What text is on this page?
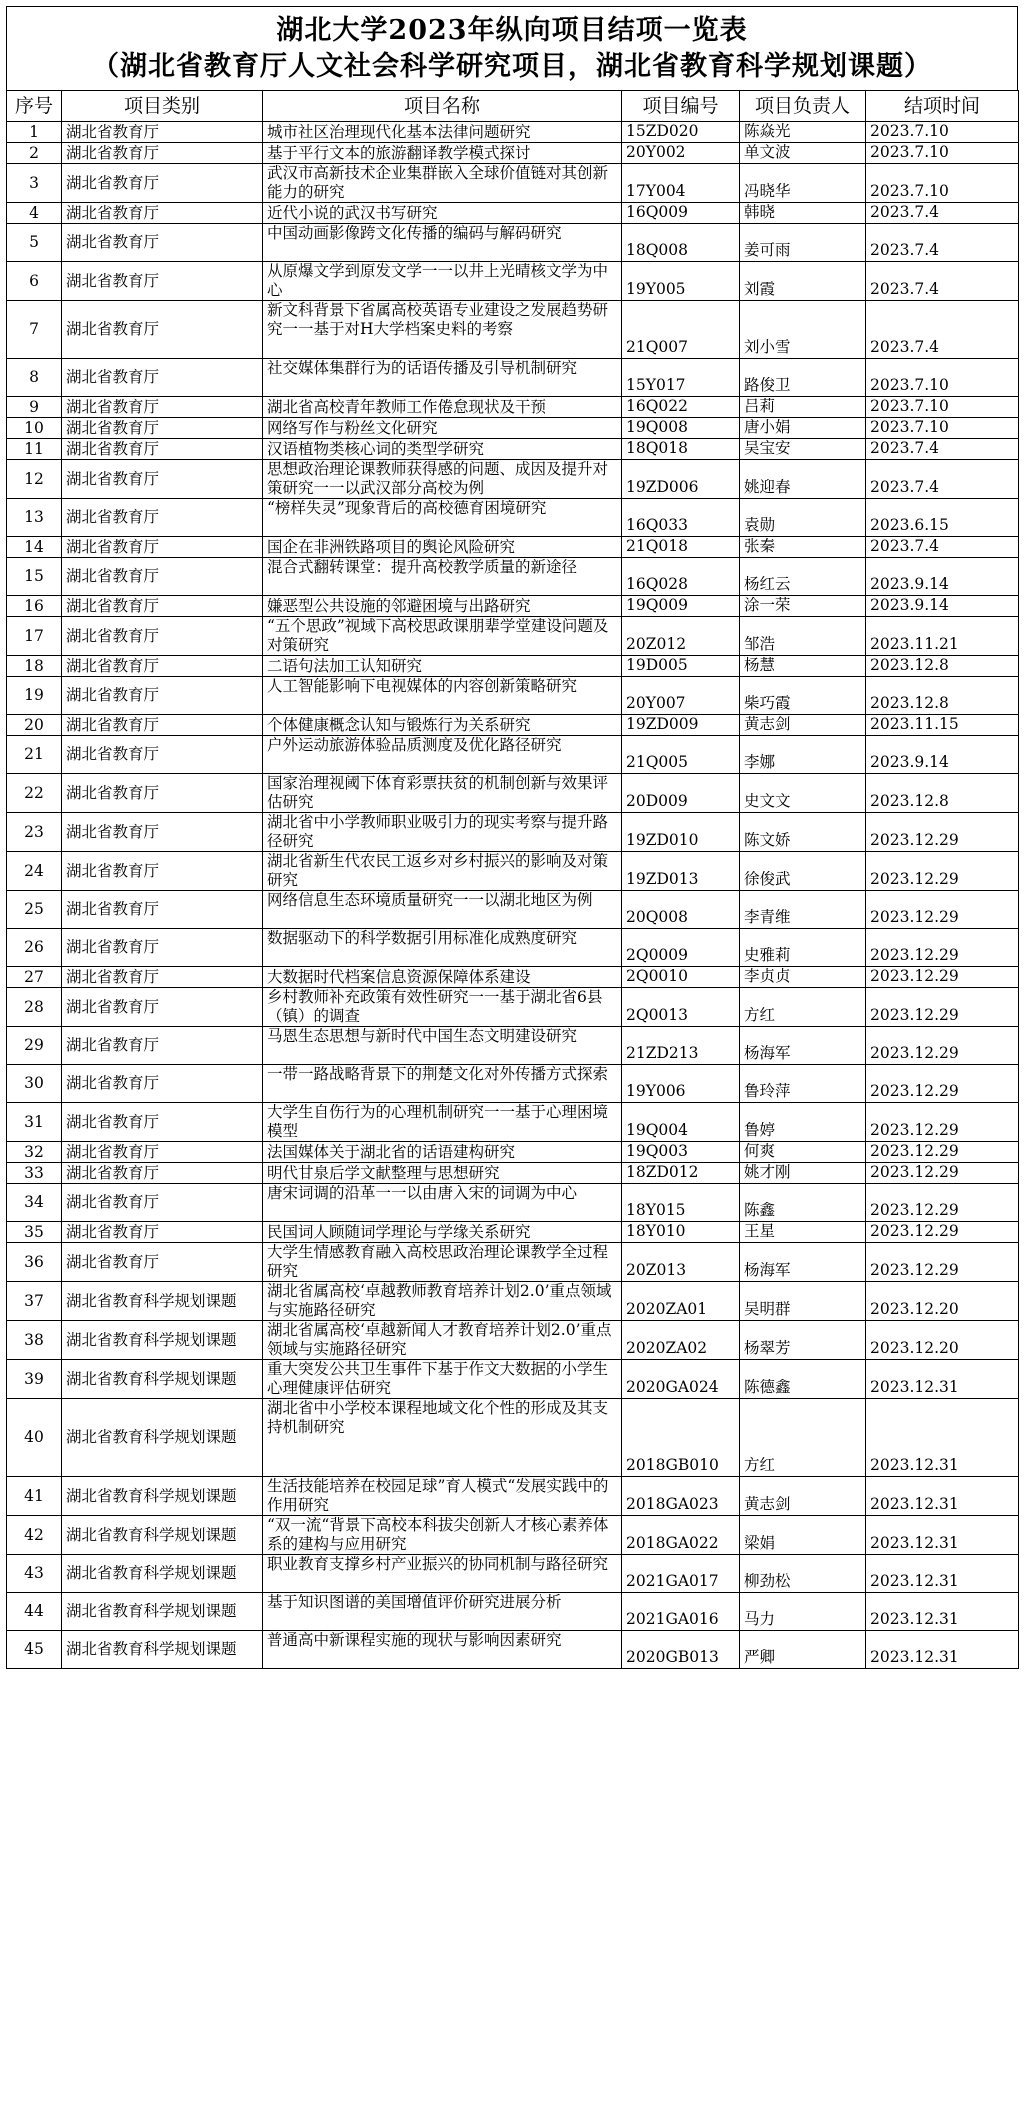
湖北大学2023年纵向项目结项一览表
（湖北省教育厅人文社会科学研究项目，湖北省教育科学规划课题）
序号	项目类别	项目名称	项目编号	项目负责人	结项时间
1	湖北省教育厅	城市社区治理现代化基本法律问题研究	15ZD020	陈焱光	2023.7.10
2	湖北省教育厅	基于平行文本的旅游翻译教学模式探讨	20Y002	单文波	2023.7.10
3	湖北省教育厅	武汉市高新技术企业集群嵌入全球价值链对其创新能力的研究	17Y004	冯晓华	2023.7.10
4	湖北省教育厅	近代小说的武汉书写研究	16Q009	韩晓	2023.7.4
5	湖北省教育厅	中国动画影像跨文化传播的编码与解码研究	18Q008	姜可雨	2023.7.4
6	湖北省教育厅	从原爆文学到原发文学一一以井上光晴核文学为中心	19Y005	刘霞	2023.7.4
7	湖北省教育厅	新文科背景下省属高校英语专业建设之发展趋势研究一一基于对H大学档案史料的考察	21Q007	刘小雪	2023.7.4
8	湖北省教育厅	社交媒体集群行为的话语传播及引导机制研究	15Y017	路俊卫	2023.7.10
9	湖北省教育厅	湖北省高校青年教师工作倦怠现状及干预	16Q022	吕莉	2023.7.10
10	湖北省教育厅	网络写作与粉丝文化研究	19Q008	唐小娟	2023.7.10
11	湖北省教育厅	汉语植物类核心词的类型学研究	18Q018	吴宝安	2023.7.4
12	湖北省教育厅	思想政治理论课教师获得感的问题、成因及提升对策研究一一以武汉部分高校为例	19ZD006	姚迎春	2023.7.4
13	湖北省教育厅	“榜样失灵”现象背后的高校德育困境研究	16Q033	袁勋	2023.6.15
14	湖北省教育厅	国企在非洲铁路项目的舆论风险研究	21Q018	张秦	2023.7.4
15	湖北省教育厅	混合式翻转课堂：提升高校教学质量的新途径	16Q028	杨红云	2023.9.14
16	湖北省教育厅	嫌恶型公共设施的邻避困境与出路研究	19Q009	涂一荣	2023.9.14
17	湖北省教育厅	“五个思政”视域下高校思政课朋辈学堂建设问题及对策研究	20Z012	邹浩	2023.11.21
18	湖北省教育厅	二语句法加工认知研究	19D005	杨慧	2023.12.8
19	湖北省教育厅	人工智能影响下电视媒体的内容创新策略研究	20Y007	柴巧霞	2023.12.8
20	湖北省教育厅	个体健康概念认知与锻炼行为关系研究	19ZD009	黄志剑	2023.11.15
21	湖北省教育厅	户外运动旅游体验品质测度及优化路径研究	21Q005	李娜	2023.9.14
22	湖北省教育厅	国家治理视阈下体育彩票扶贫的机制创新与效果评估研究	20D009	史文文	2023.12.8
23	湖北省教育厅	湖北省中小学教师职业吸引力的现实考察与提升路径研究	19ZD010	陈文娇	2023.12.29
24	湖北省教育厅	湖北省新生代农民工返乡对乡村振兴的影响及对策研究	19ZD013	徐俊武	2023.12.29
25	湖北省教育厅	网络信息生态环境质量研究一一以湖北地区为例	20Q008	李青维	2023.12.29
26	湖北省教育厅	数据驱动下的科学数据引用标准化成熟度研究	2Q0009	史雅莉	2023.12.29
27	湖北省教育厅	大数据时代档案信息资源保障体系建设	2Q0010	李贞贞	2023.12.29
28	湖北省教育厅	乡村教师补充政策有效性研究一一基于湖北省6县（镇）的调查	2Q0013	方红	2023.12.29
29	湖北省教育厅	马恩生态思想与新时代中国生态文明建设研究	21ZD213	杨海军	2023.12.29
30	湖北省教育厅	一带一路战略背景下的荆楚文化对外传播方式探索	19Y006	鲁玲萍	2023.12.29
31	湖北省教育厅	大学生自伤行为的心理机制研究一一基于心理困境模型	19Q004	鲁婷	2023.12.29
32	湖北省教育厅	法国媒体关于湖北省的话语建构研究	19Q003	何爽	2023.12.29
33	湖北省教育厅	明代甘泉后学文献整理与思想研究	18ZD012	姚才刚	2023.12.29
34	湖北省教育厅	唐宋词调的沿革一一以由唐入宋的词调为中心	18Y015	陈鑫	2023.12.29
35	湖北省教育厅	民国词人顾随词学理论与学缘关系研究	18Y010	王星	2023.12.29
36	湖北省教育厅	大学生情感教育融入高校思政治理论课教学全过程研究	20Z013	杨海军	2023.12.29
37	湖北省教育科学规划课题	湖北省属高校‘卓越教师教育培养计划2.0’重点领域与实施路径研究	2020ZA01	吴明群	2023.12.20
38	湖北省教育科学规划课题	湖北省属高校‘卓越新闻人才教育培养计划2.0’重点领域与实施路径研究	2020ZA02	杨翠芳	2023.12.20
39	湖北省教育科学规划课题	重大突发公共卫生事件下基于作文大数据的小学生心理健康评估研究	2020GA024	陈德鑫	2023.12.31
40	湖北省教育科学规划课题	湖北省中小学校本课程地域文化个性的形成及其支持机制研究	2018GB010	方红	2023.12.31
41	湖北省教育科学规划课题	生活技能培养在校园足球”育人模式“发展实践中的作用研究	2018GA023	黄志剑	2023.12.31
42	湖北省教育科学规划课题	“双一流“背景下高校本科拔尖创新人才核心素养体系的建构与应用研究	2018GA022	梁娟	2023.12.31
43	湖北省教育科学规划课题	职业教育支撑乡村产业振兴的协同机制与路径研究	2021GA017	柳劲松	2023.12.31
44	湖北省教育科学规划课题	基于知识图谱的美国增值评价研究进展分析	2021GA016	马力	2023.12.31
45	湖北省教育科学规划课题	普通高中新课程实施的现状与影响因素研究	2020GB013	严卿	2023.12.31
